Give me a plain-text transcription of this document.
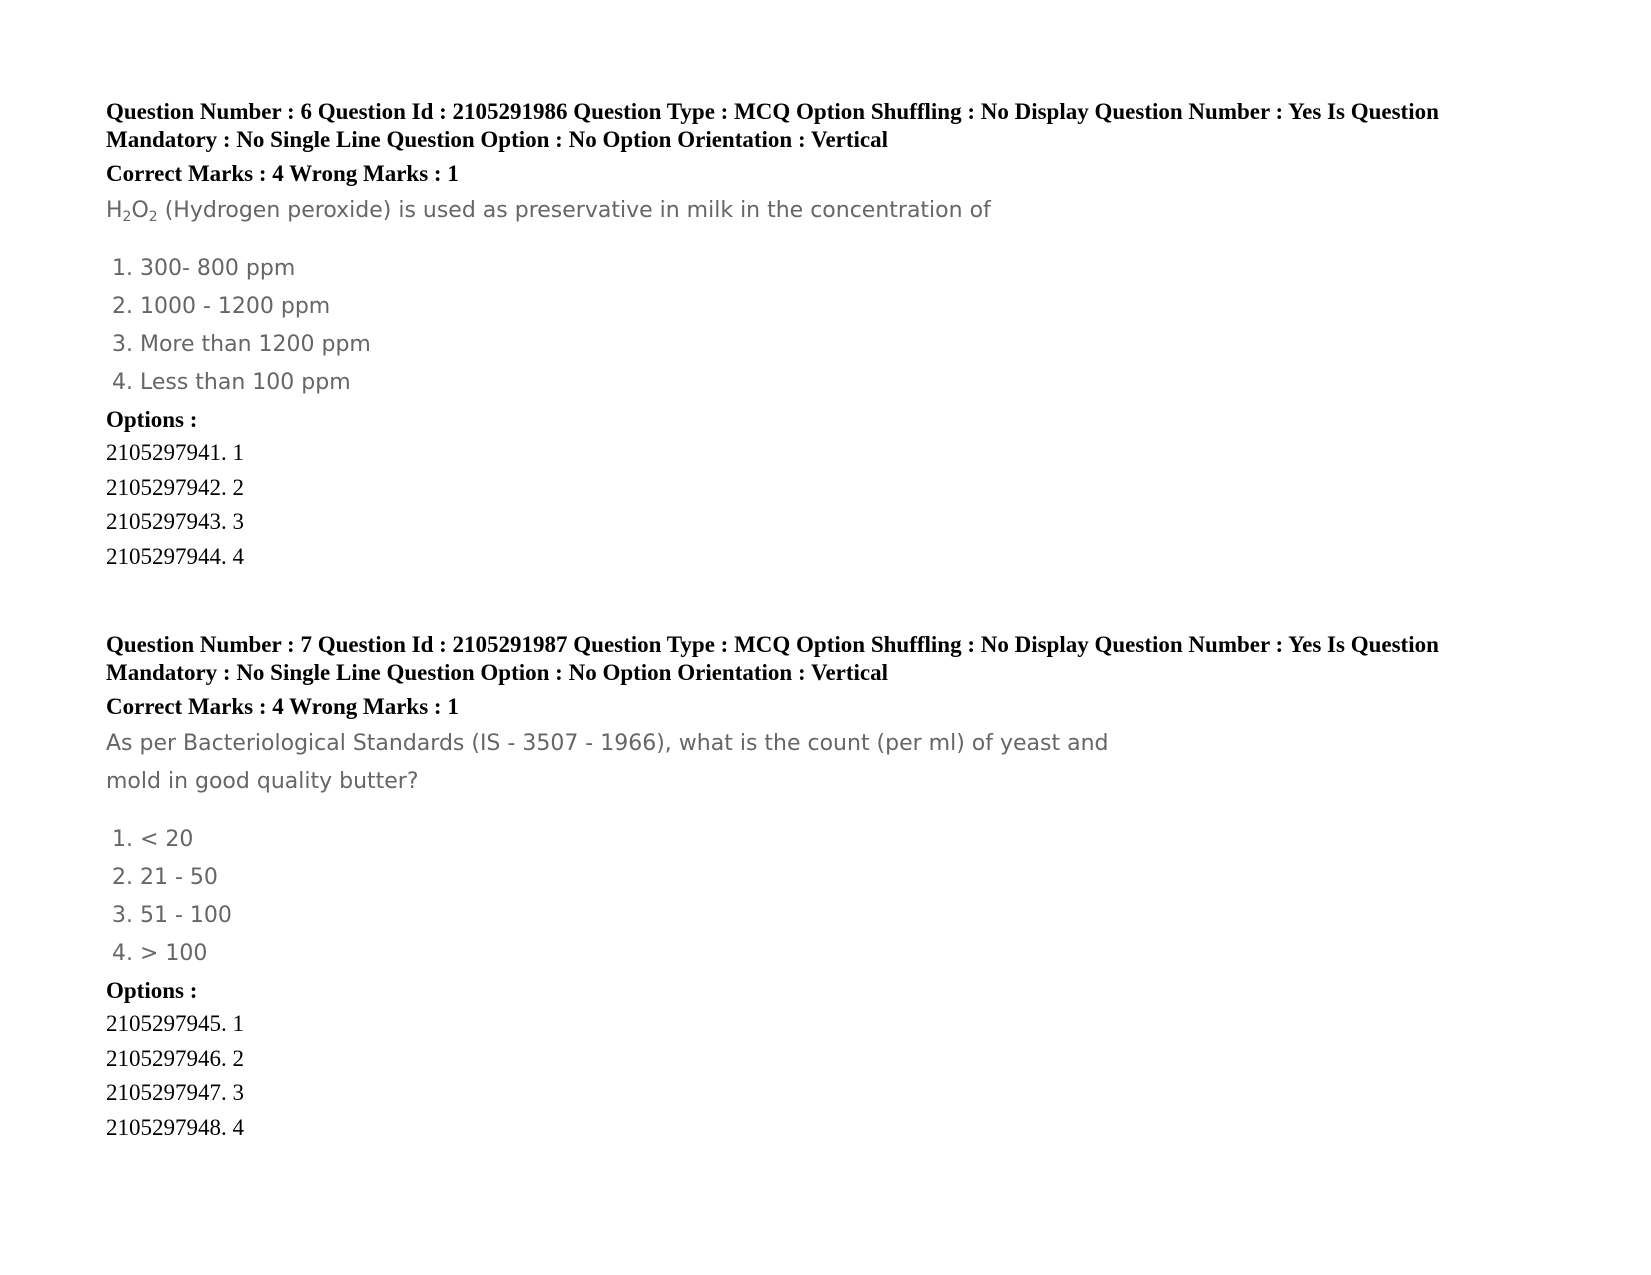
Question Number : 6 Question Id : 2105291986 Question Type : MCQ Option Shuffling : No Display Question Number : Yes Is Question
Mandatory : No Single Line Question Option : No Option Orientation : Vertical
Correct Marks : 4 Wrong Marks : 1
$H_2O_2$ (Hydrogen peroxide) is used as preservative in milk in the concentration of
1. 300- 800 ppm
2. 1000 - 1200 ppm
3. More than 1200 ppm
4. Less than 100 ppm
Options :
2105297941. 1
2105297942. 2
2105297943. 3
2105297944. 4
Question Number : 7 Question Id : 2105291987 Question Type : MCQ Option Shuffling : No Display Question Number : Yes Is Question
Mandatory : No Single Line Question Option : No Option Orientation : Vertical
Correct Marks : 4 Wrong Marks : 1
As per Bacteriological Standards (IS - 3507 - 1966), what is the count (per ml) of yeast and
mold in good quality butter?
1. < 20
2. 21 - 50
3. 51 - 100
4. > 100
Options :
2105297945. 1
2105297946. 2
2105297947. 3
2105297948. 4
